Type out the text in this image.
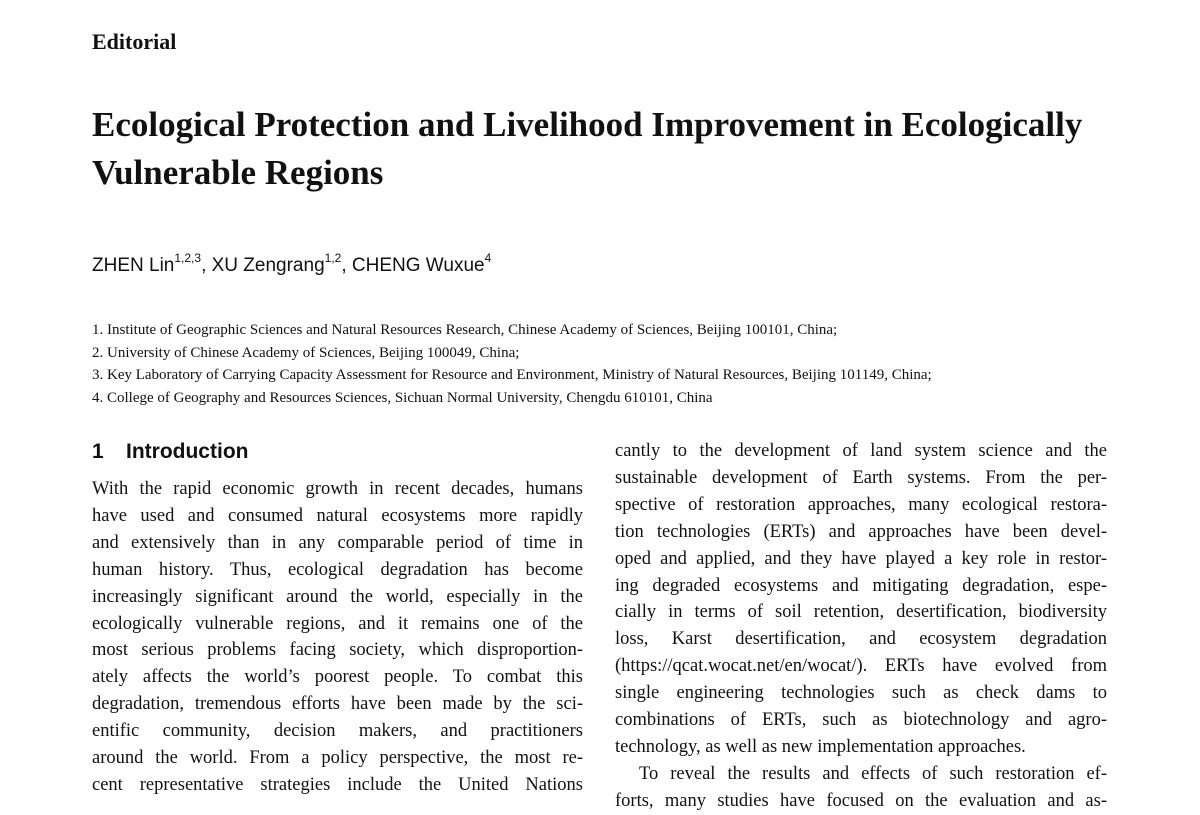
Editorial
Ecological Protection and Livelihood Improvement in Ecologically Vulnerable Regions

ZHEN Lin$^{1,2,3}$, XU Zengrang$^{1,2}$, CHENG Wuxue$^4$

1. Institute of Geographic Sciences and Natural Resources Research, Chinese Academy of Sciences, Beijing 100101, China;
2. University of Chinese Academy of Sciences, Beijing 100049, China;
3. Key Laboratory of Carrying Capacity Assessment for Resource and Environment, Ministry of Natural Resources, Beijing 101149, China;
4. College of Geography and Resources Sciences, Sichuan Normal University, Chengdu 610101, China
1 Introduction

With the rapid economic growth in recent decades, humans
have used and consumed natural ecosystems more rapidly
and extensively than in any comparable period of time in
human history. Thus, ecological degradation has become
increasingly significant around the world, especially in the
ecologically vulnerable regions, and it remains one of the
most serious problems facing society, which disproportion-
ately affects the world’s poorest people. To combat this
degradation, tremendous efforts have been made by the sci-
entific community, decision makers, and practitioners
around the world. From a policy perspective, the most re-
cent representative strategies include the United Nations

cantly to the development of land system science and the
sustainable development of Earth systems. From the per-
spective of restoration approaches, many ecological restora-
tion technologies (ERTs) and approaches have been devel-
oped and applied, and they have played a key role in restor-
ing degraded ecosystems and mitigating degradation, espe-
cially in terms of soil retention, desertification, biodiversity
loss, Karst desertification, and ecosystem degradation
(https://qcat.wocat.net/en/wocat/). ERTs have evolved from
single engineering technologies such as check dams to
combinations of ERTs, such as biotechnology and agro-
technology, as well as new implementation approaches.

To reveal the results and effects of such restoration ef-
forts, many studies have focused on the evaluation and as-
